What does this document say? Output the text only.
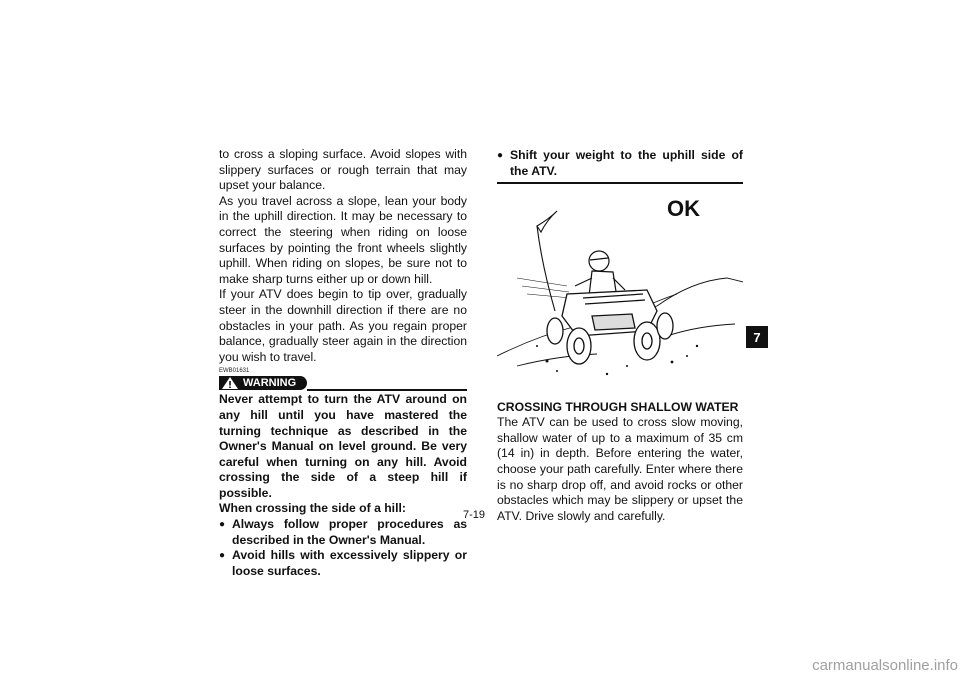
to cross a sloping surface. Avoid slopes with slippery surfaces or rough terrain that may upset your balance.

As you travel across a slope, lean your body in the uphill direction. It may be necessary to correct the steering when riding on loose surfaces by pointing the front wheels slightly uphill. When riding on slopes, be sure not to make sharp turns either up or down hill.

If your ATV does begin to tip over, gradually steer in the downhill direction if there are no obstacles in your path. As you regain proper balance, gradually steer again in the direction you wish to travel.

EWB01631
WARNING

Never attempt to turn the ATV around on any hill until you have mastered the turning technique as described in the Owner's Manual on level ground. Be very careful when turning on any hill. Avoid crossing the side of a steep hill if possible.

When crossing the side of a hill:

● Always follow proper procedures as described in the Owner's Manual.
● Avoid hills with excessively slippery or loose surfaces.
● Shift your weight to the uphill side of the ATV.
OK

CROSSING THROUGH SHALLOW WATER

The ATV can be used to cross slow moving, shallow water of up to a maximum of 35 cm (14 in) in depth. Before entering the water, choose your path carefully. Enter where there is no sharp drop off, and avoid rocks or other obstacles which may be slippery or upset the ATV. Drive slowly and carefully.

7
7-19
carmanualsonline.info
